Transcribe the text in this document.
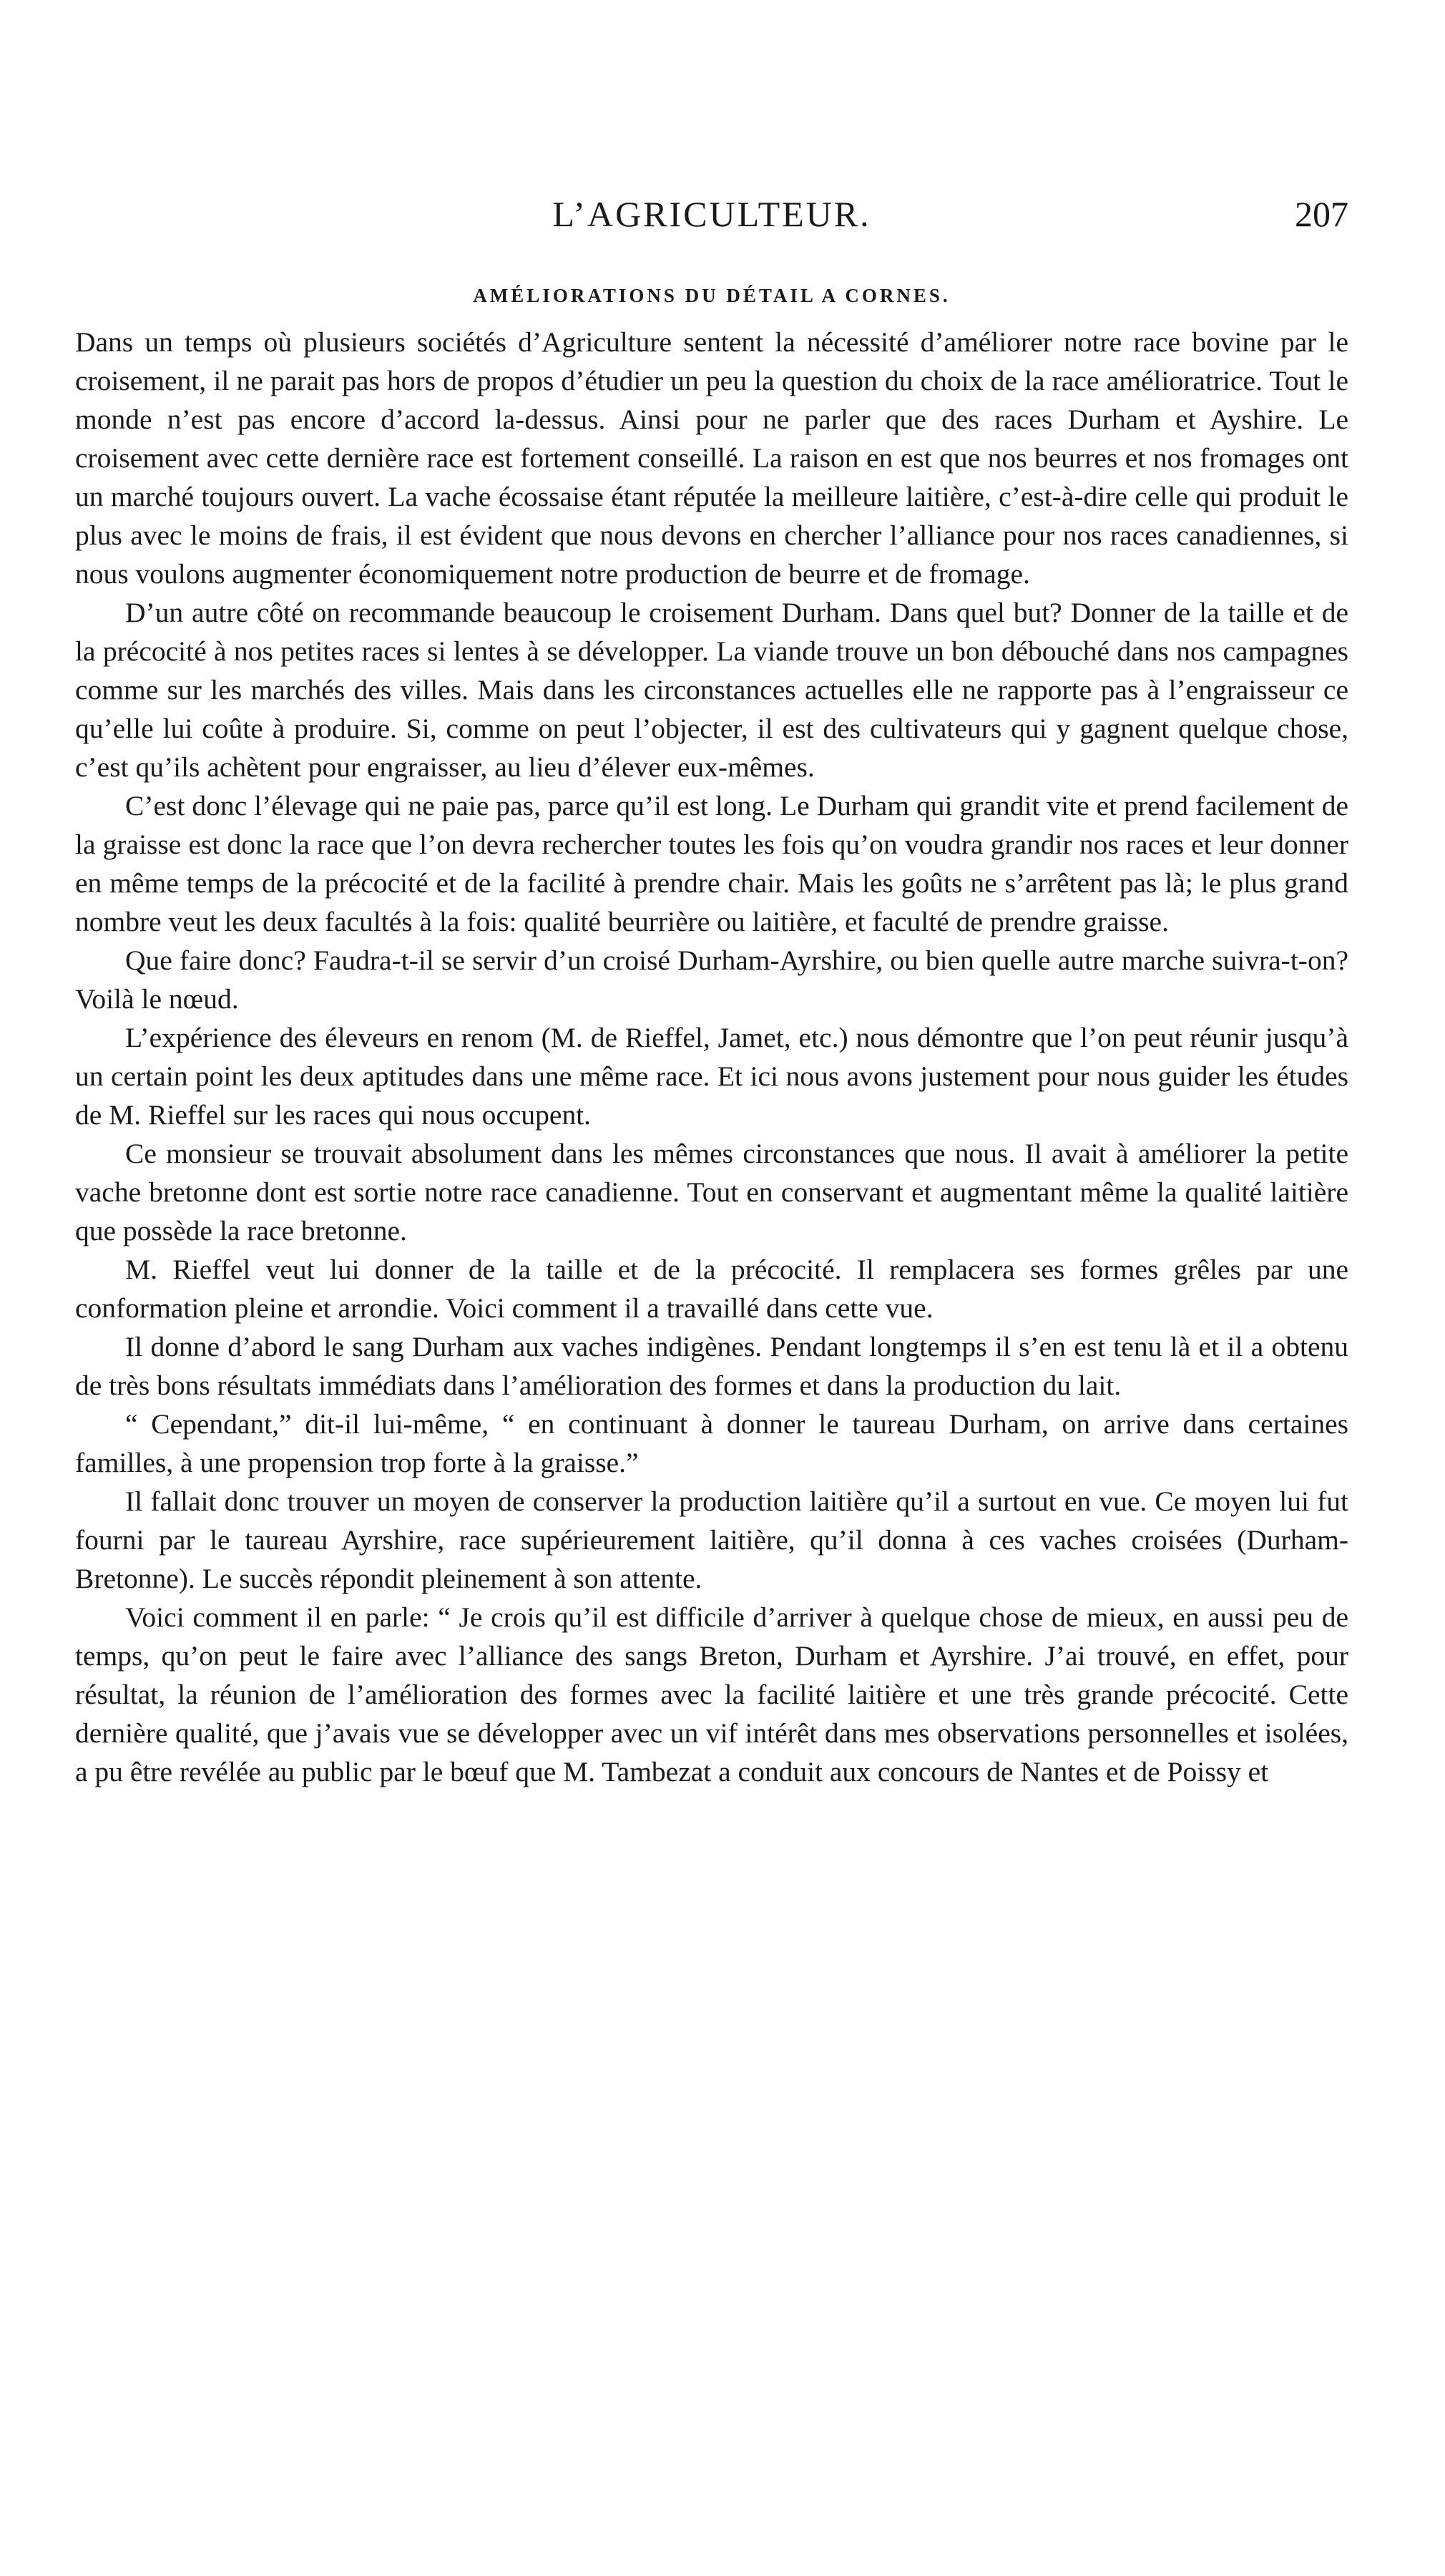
L’AGRICULTEUR.	207
AMÉLIORATIONS DU DÉTAIL A CORNES.

Dans un temps où plusieurs sociétés d’Agriculture sentent la nécessité d’améliorer notre race bovine par le croisement, il ne parait pas hors de propos d’étudier un peu la question du choix de la race amélioratrice. Tout le monde n’est pas encore d’accord la-dessus. Ainsi pour ne parler que des races Durham et Ayshire. Le croisement avec cette dernière race est fortement conseillé. La raison en est que nos beurres et nos fromages ont un marché toujours ouvert. La vache écossaise étant réputée la meilleure laitière, c’est-à-dire celle qui produit le plus avec le moins de frais, il est évident que nous devons en chercher l’alliance pour nos races canadiennes, si nous voulons augmenter économiquement notre production de beurre et de fromage.

D’un autre côté on recommande beaucoup le croisement Durham. Dans quel but? Donner de la taille et de la précocité à nos petites races si lentes à se développer. La viande trouve un bon débouché dans nos campagnes comme sur les marchés des villes. Mais dans les circonstances actuelles elle ne rapporte pas à l’engraisseur ce qu’elle lui coûte à produire. Si, comme on peut l’objecter, il est des cultivateurs qui y gagnent quelque chose, c’est qu’ils achètent pour engraisser, au lieu d’élever eux-mêmes.

C’est donc l’élevage qui ne paie pas, parce qu’il est long. Le Durham qui grandit vite et prend facilement de la graisse est donc la race que l’on devra rechercher toutes les fois qu’on voudra grandir nos races et leur donner en même temps de la précocité et de la facilité à prendre chair. Mais les goûts ne s’arrêtent pas là; le plus grand nombre veut les deux facultés à la fois: qualité beurrière ou laitière, et faculté de prendre graisse.

Que faire donc? Faudra-t-il se servir d’un croisé Durham-Ayrshire, ou bien quelle autre marche suivra-t-on? Voilà le nœud.

L’expérience des éleveurs en renom (M. de Rieffel, Jamet, etc.) nous démontre que l’on peut réunir jusqu’à un certain point les deux aptitudes dans une même race. Et ici nous avons justement pour nous guider les études de M. Rieffel sur les races qui nous occupent.

Ce monsieur se trouvait absolument dans les mêmes circonstances que nous. Il avait à améliorer la petite vache bretonne dont est sortie notre race canadienne. Tout en conservant et augmentant même la qualité laitière que possède la race bretonne.

M. Rieffel veut lui donner de la taille et de la précocité. Il remplacera ses formes grêles par une conformation pleine et arrondie. Voici comment il a travaillé dans cette vue.

Il donne d’abord le sang Durham aux vaches indigènes. Pendant longtemps il s’en est tenu là et il a obtenu de très bons résultats immédiats dans l’amélioration des formes et dans la production du lait.

“ Cependant,” dit-il lui-même, “ en continuant à donner le taureau Durham, on arrive dans certaines familles, à une propension trop forte à la graisse.”

Il fallait donc trouver un moyen de conserver la production laitière qu’il a surtout en vue. Ce moyen lui fut fourni par le taureau Ayrshire, race supérieurement laitière, qu’il donna à ces vaches croisées (Durham-Bretonne). Le succès répondit pleinement à son attente.

Voici comment il en parle: “ Je crois qu’il est difficile d’arriver à quelque chose de mieux, en aussi peu de temps, qu’on peut le faire avec l’alliance des sangs Breton, Durham et Ayrshire. J’ai trouvé, en effet, pour résultat, la réunion de l’amélioration des formes avec la facilité laitière et une très grande précocité. Cette dernière qualité, que j’avais vue se développer avec un vif intérêt dans mes observations personnelles et isolées, a pu être revélée au public par le bœuf que M. Tambezat a conduit aux concours de Nantes et de Poissy et
